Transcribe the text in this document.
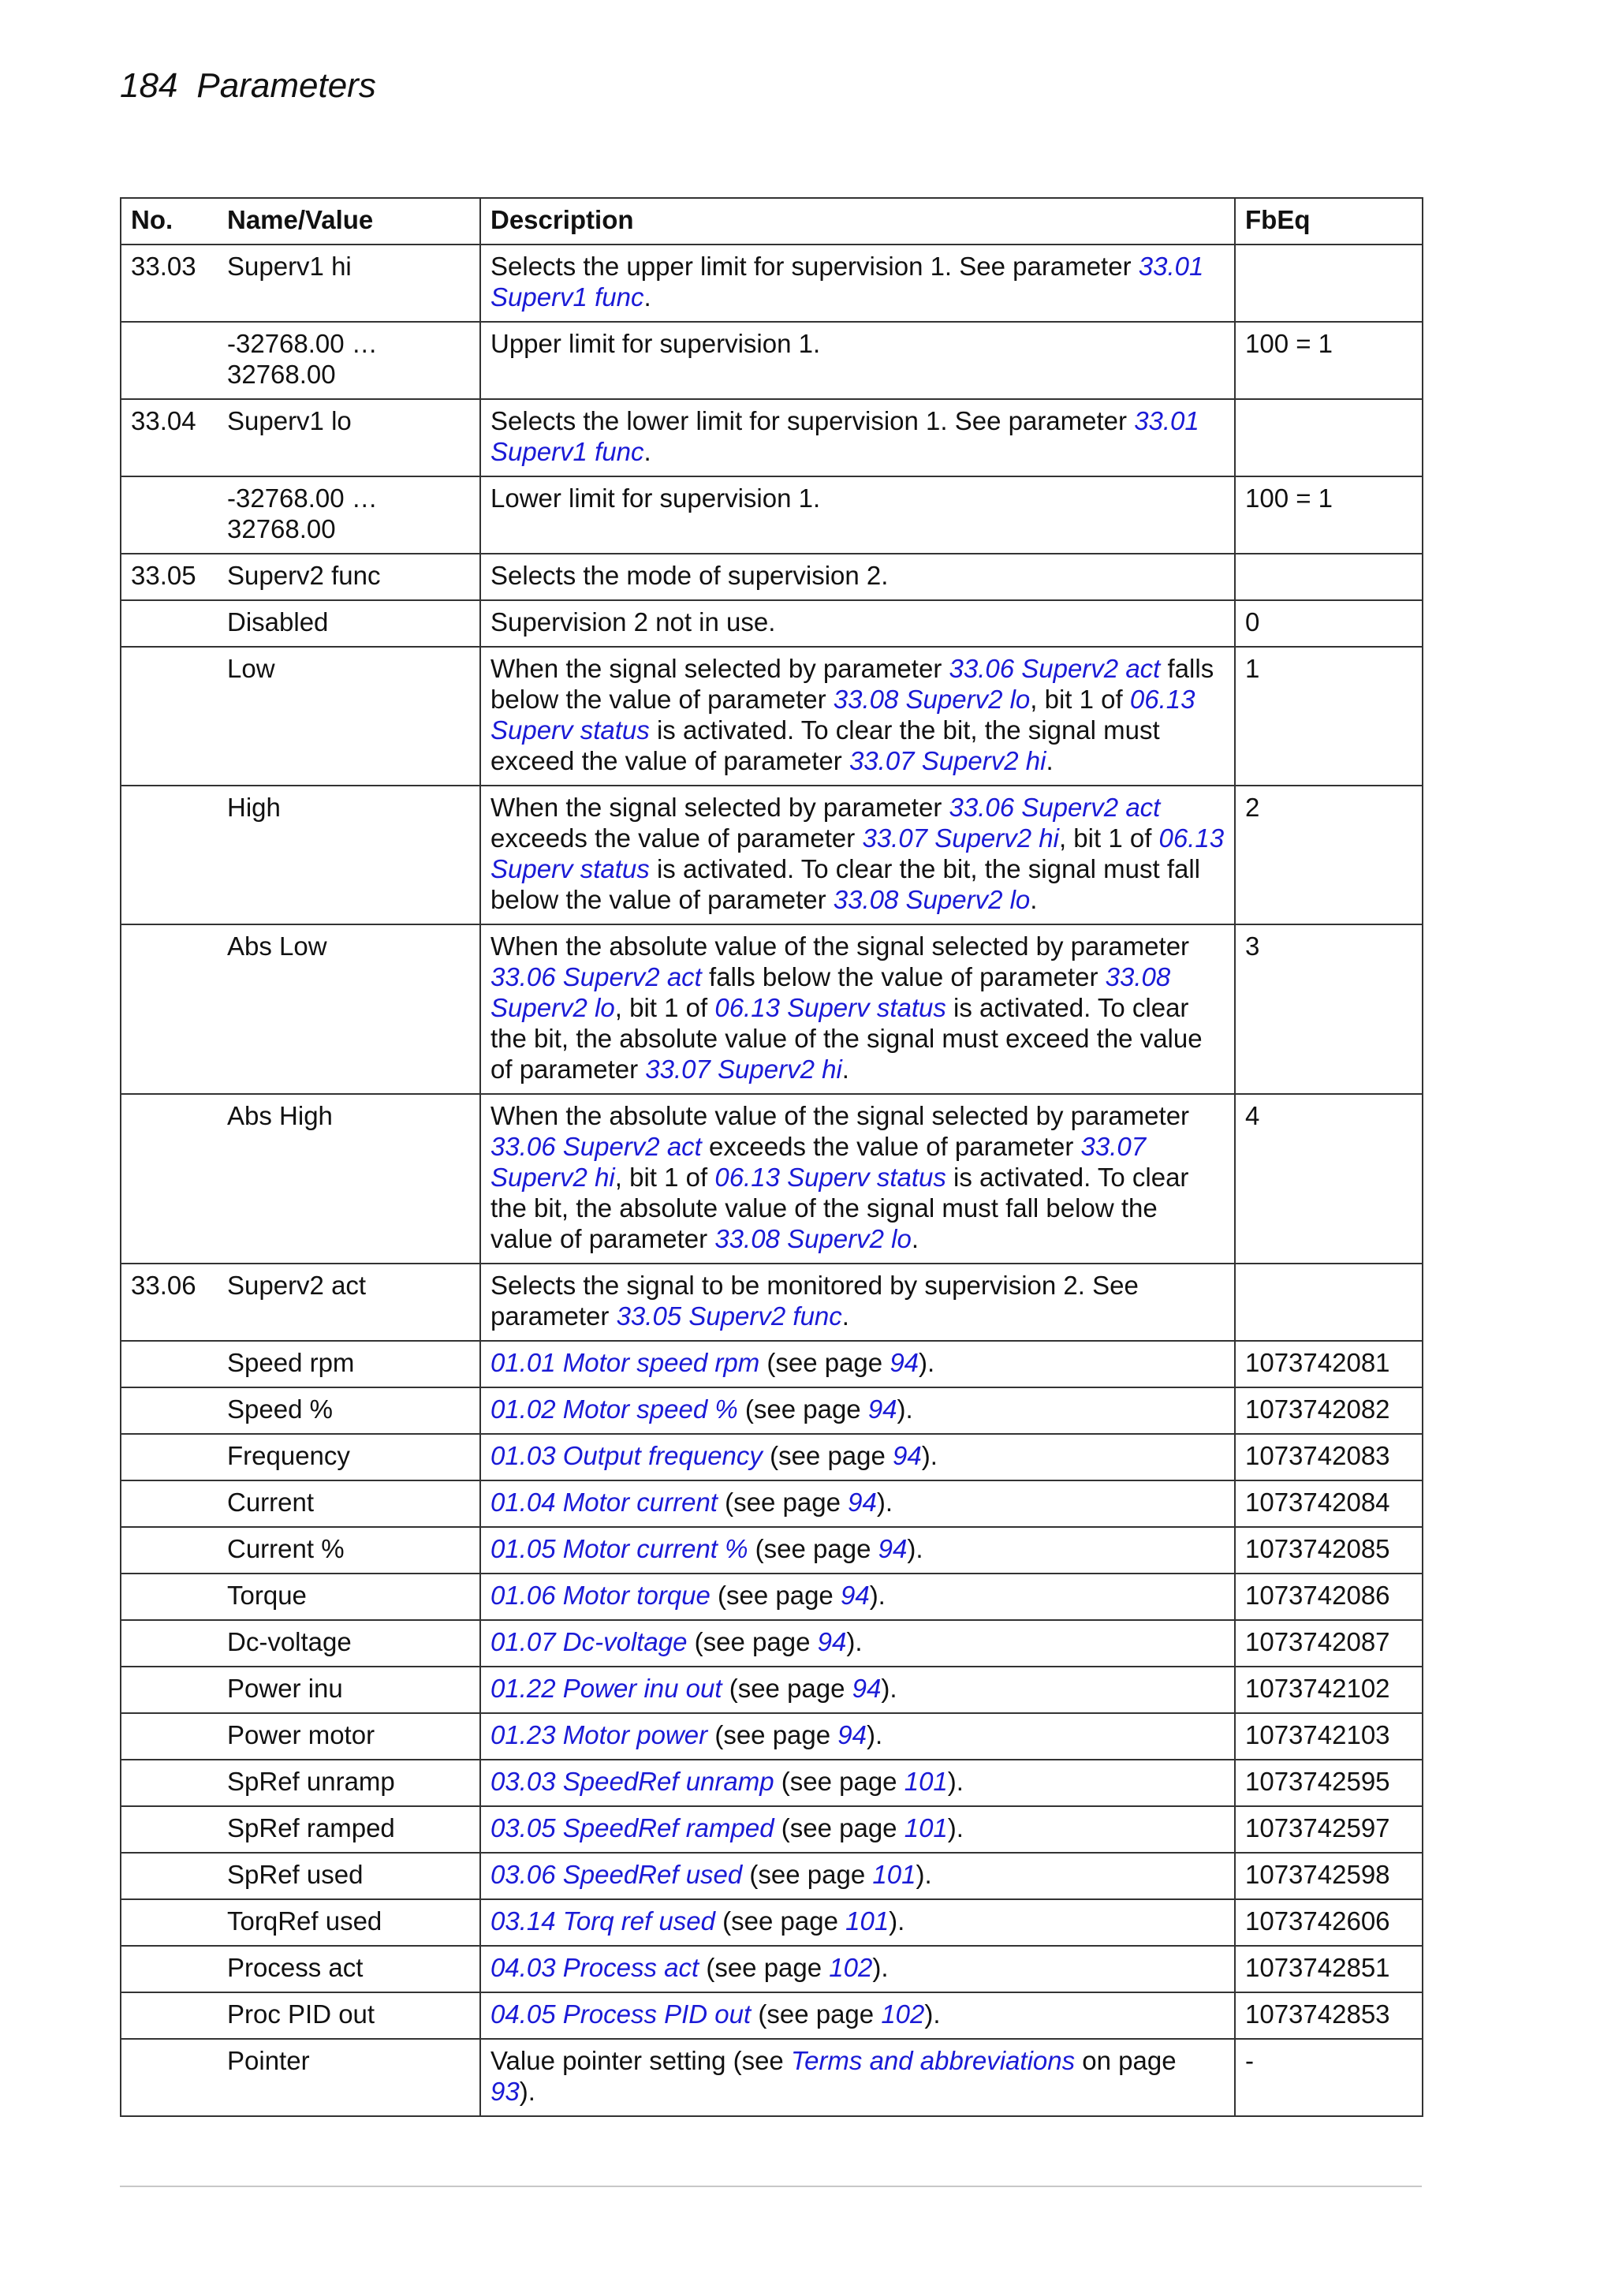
184 Parameters
No.	Name/Value	Description	FbEq
33.03	Superv1 hi	Selects the upper limit for supervision 1. See parameter 33.01 Superv1 func.	
	-32768.00 … 32768.00	Upper limit for supervision 1.	100 = 1
33.04	Superv1 lo	Selects the lower limit for supervision 1. See parameter 33.01 Superv1 func.	
	-32768.00 … 32768.00	Lower limit for supervision 1.	100 = 1
33.05	Superv2 func	Selects the mode of supervision 2.	
	Disabled	Supervision 2 not in use.	0
	Low	When the signal selected by parameter 33.06 Superv2 act falls below the value of parameter 33.08 Superv2 lo, bit 1 of 06.13 Superv status is activated. To clear the bit, the signal must exceed the value of parameter 33.07 Superv2 hi.	1
	High	When the signal selected by parameter 33.06 Superv2 act exceeds the value of parameter 33.07 Superv2 hi, bit 1 of 06.13 Superv status is activated. To clear the bit, the signal must fall below the value of parameter 33.08 Superv2 lo.	2
	Abs Low	When the absolute value of the signal selected by parameter 33.06 Superv2 act falls below the value of parameter 33.08 Superv2 lo, bit 1 of 06.13 Superv status is activated. To clear the bit, the absolute value of the signal must exceed the value of parameter 33.07 Superv2 hi.	3
	Abs High	When the absolute value of the signal selected by parameter 33.06 Superv2 act exceeds the value of parameter 33.07 Superv2 hi, bit 1 of 06.13 Superv status is activated. To clear the bit, the absolute value of the signal must fall below the value of parameter 33.08 Superv2 lo.	4
33.06	Superv2 act	Selects the signal to be monitored by supervision 2. See parameter 33.05 Superv2 func.	
	Speed rpm	01.01 Motor speed rpm (see page 94).	1073742081
	Speed %	01.02 Motor speed % (see page 94).	1073742082
	Frequency	01.03 Output frequency (see page 94).	1073742083
	Current	01.04 Motor current (see page 94).	1073742084
	Current %	01.05 Motor current % (see page 94).	1073742085
	Torque	01.06 Motor torque (see page 94).	1073742086
	Dc-voltage	01.07 Dc-voltage (see page 94).	1073742087
	Power inu	01.22 Power inu out (see page 94).	1073742102
	Power motor	01.23 Motor power (see page 94).	1073742103
	SpRef unramp	03.03 SpeedRef unramp (see page 101).	1073742595
	SpRef ramped	03.05 SpeedRef ramped (see page 101).	1073742597
	SpRef used	03.06 SpeedRef used (see page 101).	1073742598
	TorqRef used	03.14 Torq ref used (see page 101).	1073742606
	Process act	04.03 Process act (see page 102).	1073742851
	Proc PID out	04.05 Process PID out (see page 102).	1073742853
	Pointer	Value pointer setting (see Terms and abbreviations on page 93).	-
